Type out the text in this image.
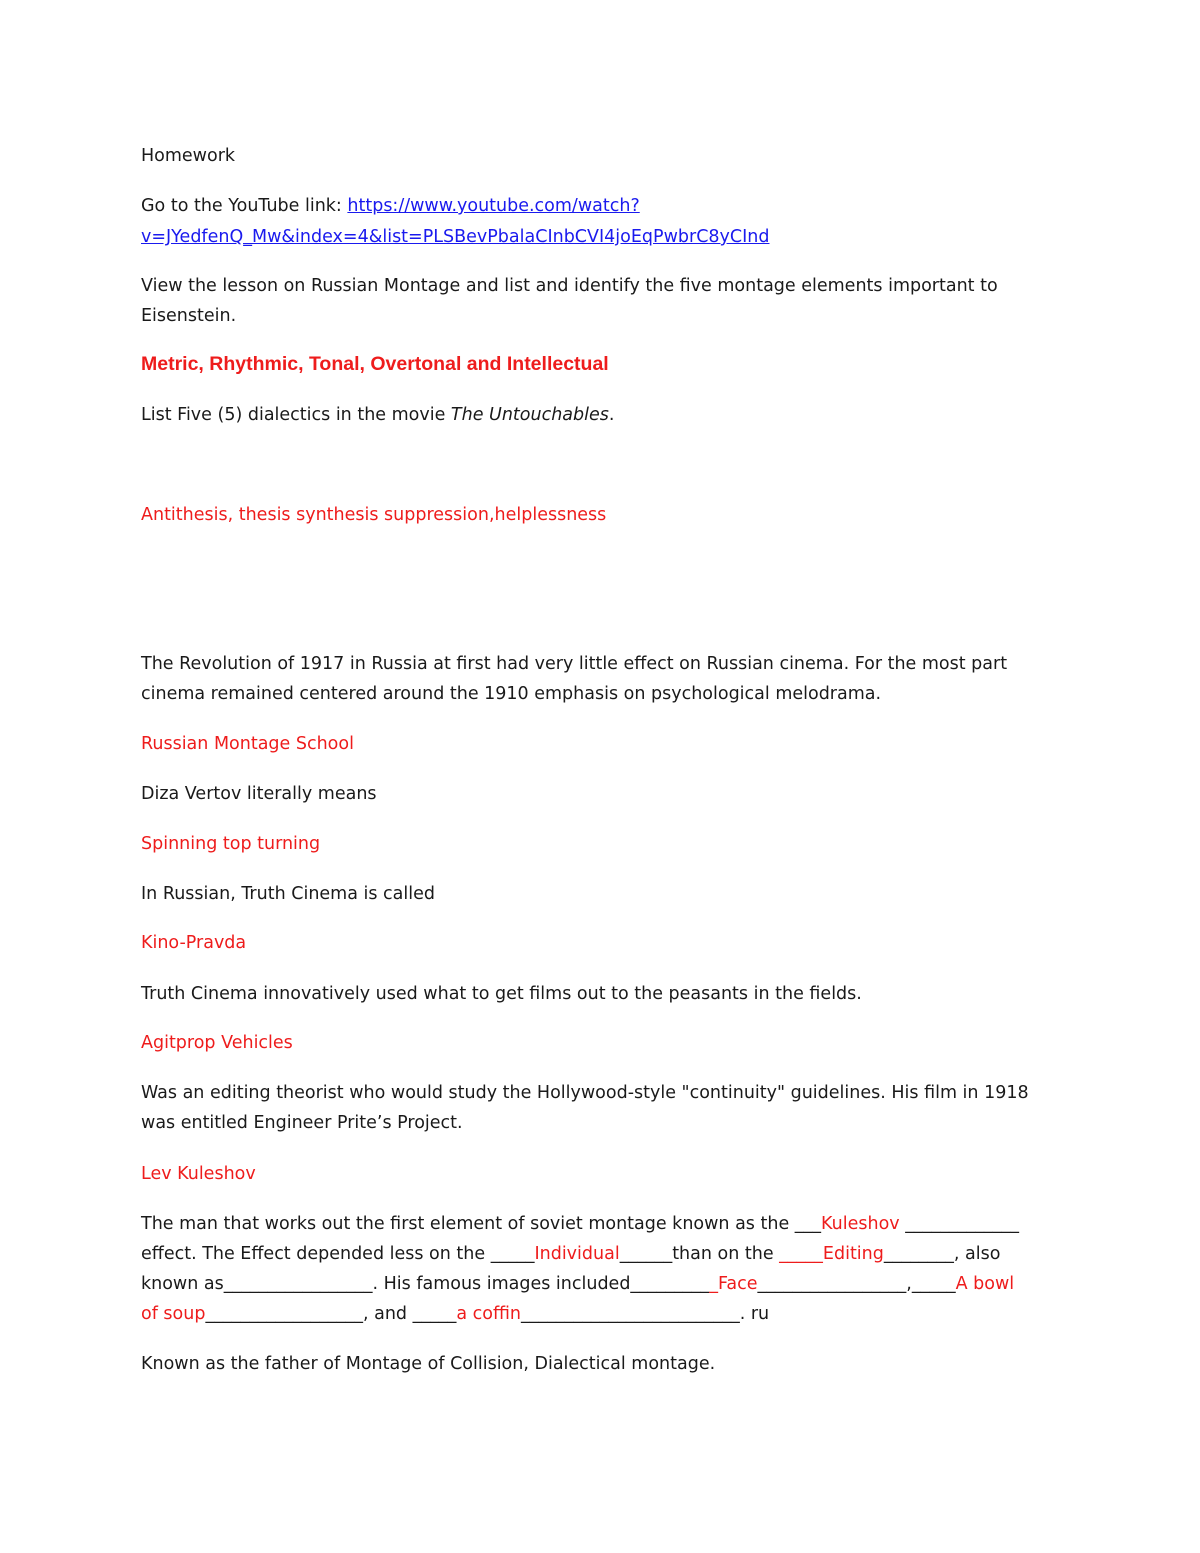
Homework
Go to the YouTube link: https://www.youtube.com/watch?
v=JYedfenQ_Mw&index=4&list=PLSBevPbalaCInbCVI4joEqPwbrC8yCInd
View the lesson on Russian Montage and list and identify the five montage elements important to
Eisenstein.
Metric, Rhythmic, Tonal, Overtonal and Intellectual
List Five (5) dialectics in the movie The Untouchables.
Antithesis, thesis synthesis suppression,helplessness
The Revolution of 1917 in Russia at first had very little effect on Russian cinema. For the most part
cinema remained centered around the 1910 emphasis on psychological melodrama.
Russian Montage School
Diza Vertov literally means
Spinning top turning
In Russian, Truth Cinema is called
Kino-Pravda
Truth Cinema innovatively used what to get films out to the peasants in the fields.
Agitprop Vehicles
Was an editing theorist who would study the Hollywood-style "continuity" guidelines. His film in 1918
was entitled Engineer Prite’s Project.
Lev Kuleshov
The man that works out the first element of soviet montage known as the ___Kuleshov _____________
effect. The Effect depended less on the _____Individual______than on the _____Editing________, also
known as_________________. His famous images included__________Face_________________,_____A bowl
of soup__________________, and _____a coffin_________________________. ru
Known as the father of Montage of Collision, Dialectical montage.
